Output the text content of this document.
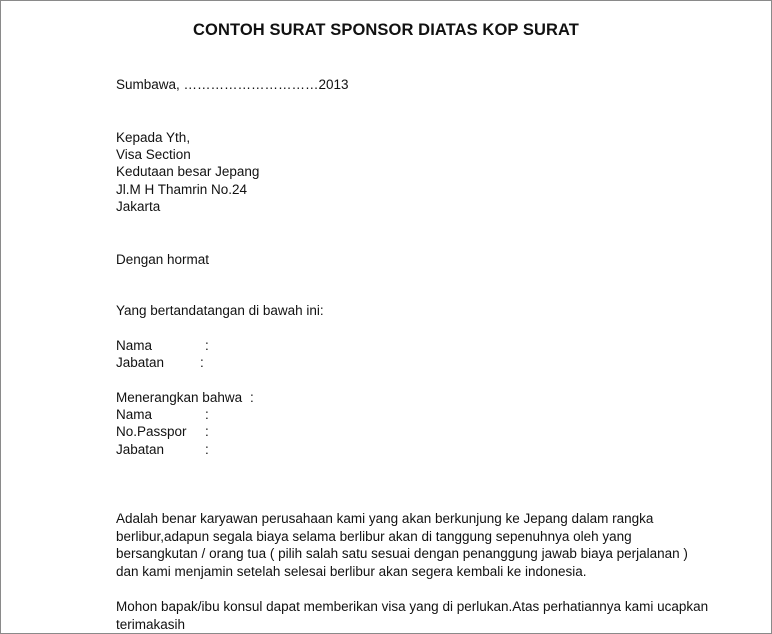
CONTOH SURAT SPONSOR DIATAS KOP SURAT
Sumbawa, …………………………2013
Kepada Yth,
Visa Section
Kedutaan besar Jepang
Jl.M H Thamrin No.24
Jakarta
Dengan hormat
Yang bertandatangan di bawah ini:
Nama	:
Jabatan	:
Menerangkan bahwa :
Nama	:
No.Passpor :
Jabatan	:
Adalah benar karyawan perusahaan kami yang akan berkunjung ke Jepang dalam rangka
berlibur,adapun segala biaya selama berlibur akan di tanggung sepenuhnya oleh yang
bersangkutan / orang tua ( pilih salah satu sesuai dengan penanggung jawab biaya perjalanan )
dan kami menjamin setelah selesai berlibur akan segera kembali ke indonesia.
Mohon bapak/ibu konsul dapat memberikan visa yang di perlukan.Atas perhatiannya kami ucapkan
terimakasih
